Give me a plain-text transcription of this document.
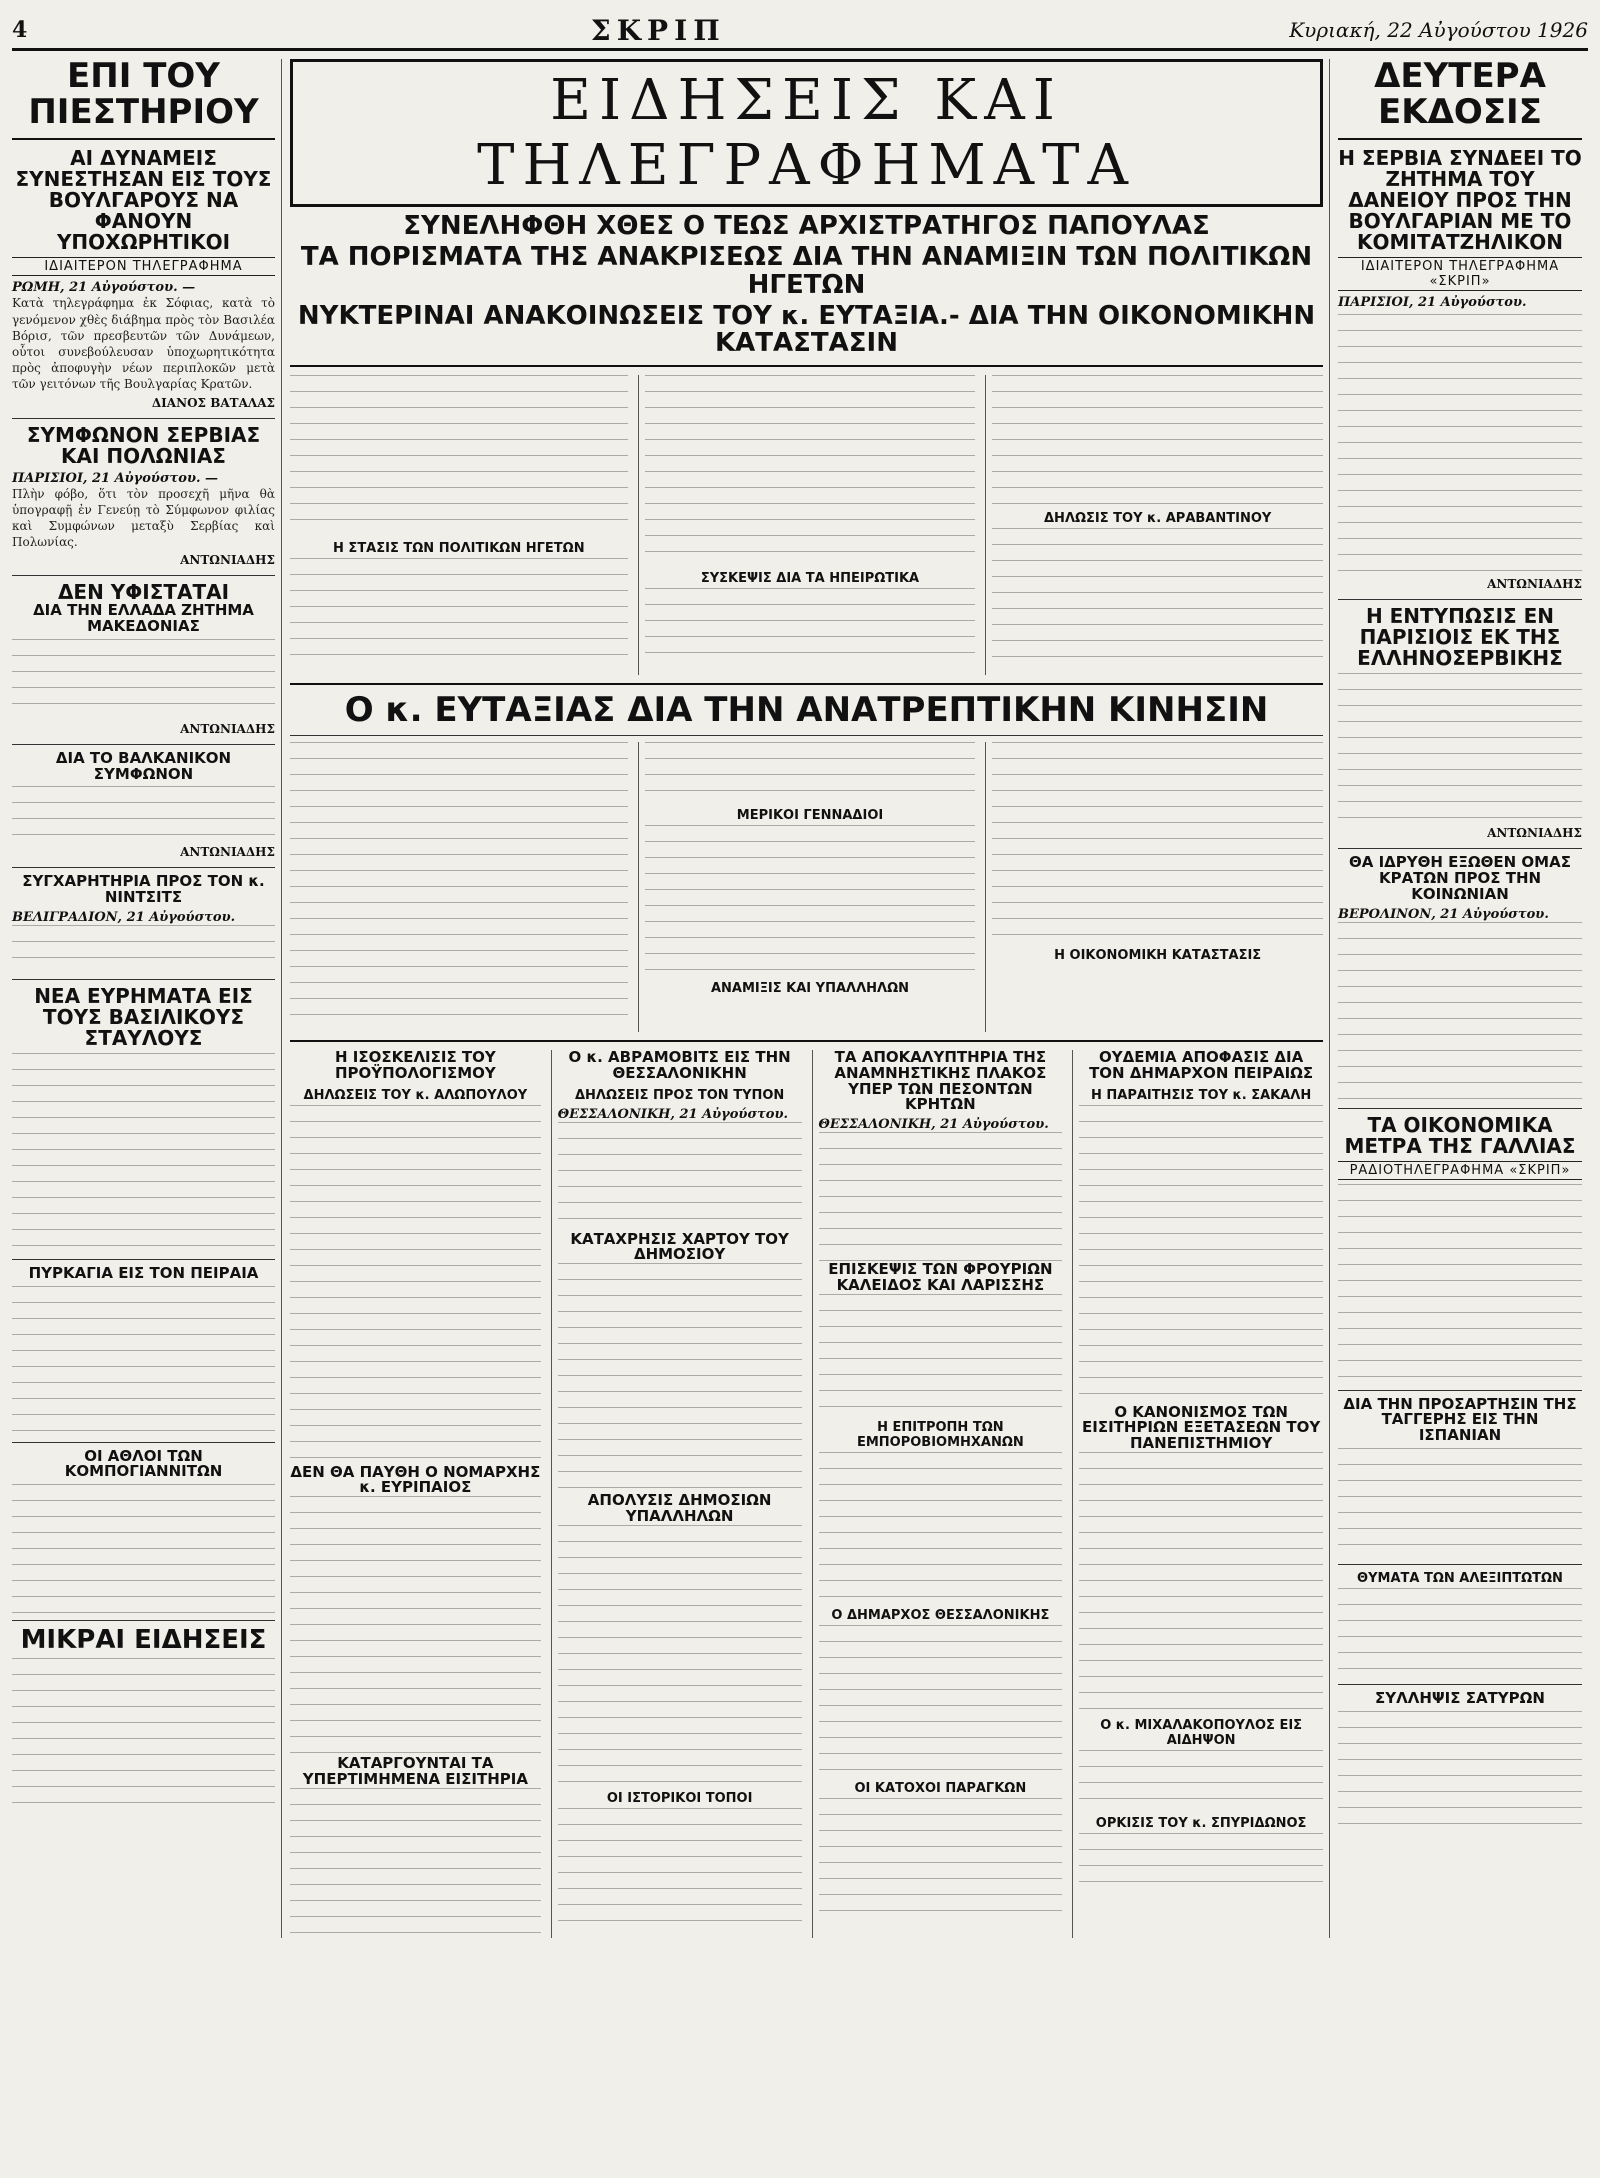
4	ΣΚΡΙΠ	Κυριακή, 22 Αὐγούστου 1926
ΕΠΙ ΤΟΥ ΠΙΕΣΤΗΡΙΟΥ
ΑΙ ΔΥΝΑΜΕΙΣ ΣΥΝΕΣΤΗΣΑΝ ΕΙΣ ΤΟΥΣ ΒΟΥΛΓΑΡΟΥΣ ΝΑ ΦΑΝΟΥΝ ΥΠΟΧΩΡΗΤΙΚΟΙ
ΙΔΙΑΙΤΕΡΟΝ ΤΗΛΕΓΡΑΦΗΜΑ
ΡΩΜΗ, 21 Αὐγούστου. —
Κατὰ τηλεγράφημα ἐκ Σόφιας, κατὰ τὸ γενόμενον χθὲς διάβημα πρὸς τὸν Βασιλέα Βόρισ, τῶν πρεσβευτῶν τῶν Δυνάμεων, οὗτοι συνεβούλευσαν ὑποχωρητικότητα πρὸς ἀποφυγὴν νέων περιπλοκῶν μετὰ τῶν γειτόνων τῆς Βουλγαρίας Κρατῶν.
ΔΙΑΝΟΣ ΒΑΤΑΛΑΣ
ΣΥΜΦΩΝΟΝ ΣΕΡΒΙΑΣ ΚΑΙ ΠΟΛΩΝΙΑΣ
ΠΑΡΙΣΙΟΙ, 21 Αὐγούστου. —
Πλὴν φόβο, ὅτι τὸν προσεχῆ μῆνα θὰ ὑπογραφῇ ἐν Γενεύῃ τὸ Σύμφωνον φιλίας καὶ Συμφώνων μεταξὺ Σερβίας καὶ Πολωνίας.
ΑΝΤΩΝΙΑΔΗΣ
ΔΕΝ ΥΦΙΣΤΑΤΑΙ
ΔΙΑ ΤΗΝ ΕΛΛΑΔΑ ΖΗΤΗΜΑ ΜΑΚΕΔΟΝΙΑΣ
ΑΝΤΩΝΙΑΔΗΣ
ΔΙΑ ΤΟ ΒΑΛΚΑΝΙΚΟΝ ΣΥΜΦΩΝΟΝ
ΑΝΤΩΝΙΑΔΗΣ
ΣΥΓΧΑΡΗΤΗΡΙΑ ΠΡΟΣ ΤΟΝ κ. ΝΙΝΤΣΙΤΣ
ΒΕΛΙΓΡΑΔΙΟΝ, 21 Αὐγούστου.
ΝΕΑ ΕΥΡΗΜΑΤΑ ΕΙΣ ΤΟΥΣ ΒΑΣΙΛΙΚΟΥΣ ΣΤΑΥΛΟΥΣ
ΠΥΡΚΑΓΙΑ ΕΙΣ ΤΟΝ ΠΕΙΡΑΙΑ
ΟΙ ΑΘΛΟΙ ΤΩΝ ΚΟΜΠΟΓΙΑΝΝΙΤΩΝ
ΜΙΚΡΑΙ ΕΙΔΗΣΕΙΣ
ΕΙΔΗΣΕΙΣ ΚΑΙ ΤΗΛΕΓΡΑΦΗΜΑΤΑ
ΣΥΝΕΛΗΦΘΗ ΧΘΕΣ Ο ΤΕΩΣ ΑΡΧΙΣΤΡΑΤΗΓΟΣ ΠΑΠΟΥΛΑΣ
ΤΑ ΠΟΡΙΣΜΑΤΑ ΤΗΣ ΑΝΑΚΡΙΣΕΩΣ ΔΙΑ ΤΗΝ ΑΝΑΜΙΞΙΝ ΤΩΝ ΠΟΛΙΤΙΚΩΝ ΗΓΕΤΩΝ
ΝΥΚΤΕΡΙΝΑΙ ΑΝΑΚΟΙΝΩΣΕΙΣ ΤΟΥ κ. ΕΥΤΑΞΙΑ.- ΔΙΑ ΤΗΝ ΟΙΚΟΝΟΜΙΚΗΝ ΚΑΤΑΣΤΑΣΙΝ
Η ΣΤΑΣΙΣ ΤΩΝ ΠΟΛΙΤΙΚΩΝ ΗΓΕΤΩΝ
ΣΥΣΚΕΨΙΣ ΔΙΑ ΤΑ ΗΠΕΙΡΩΤΙΚΑ
ΔΗΛΩΣΙΣ ΤΟΥ κ. ΑΡΑΒΑΝΤΙΝΟΥ
Ο κ. ΕΥΤΑΞΙΑΣ ΔΙΑ ΤΗΝ ΑΝΑΤΡΕΠΤΙΚΗΝ ΚΙΝΗΣΙΝ
ΜΕΡΙΚΟΙ ΓΕΝΝΑΔΙΟΙ
ΑΝΑΜΙΞΙΣ ΚΑΙ ΥΠΑΛΛΗΛΩΝ
Η ΟΙΚΟΝΟΜΙΚΗ ΚΑΤΑΣΤΑΣΙΣ
Η ΙΣΟΣΚΕΛΙΣΙΣ ΤΟΥ ΠΡΟΫΠΟΛΟΓΙΣΜΟΥ
ΔΗΛΩΣΕΙΣ ΤΟΥ κ. ΑΛΩΠΟΥΛΟΥ
ΔΕΝ ΘΑ ΠΑΥΘΗ Ο ΝΟΜΑΡΧΗΣ κ. ΕΥΡΙΠΑΙΟΣ
ΚΑΤΑΡΓΟΥΝΤΑΙ ΤΑ ΥΠΕΡΤΙΜΗΜΕΝΑ ΕΙΣΙΤΗΡΙΑ
Ο κ. ΑΒΡΑΜΟΒΙΤΣ ΕΙΣ ΤΗΝ ΘΕΣΣΑΛΟΝΙΚΗΝ
ΔΗΛΩΣΕΙΣ ΠΡΟΣ ΤΟΝ ΤΥΠΟΝ
ΘΕΣΣΑΛΟΝΙΚΗ, 21 Αὐγούστου.
ΚΑΤΑΧΡΗΣΙΣ ΧΑΡΤΟΥ ΤΟΥ ΔΗΜΟΣΙΟΥ
ΑΠΟΛΥΣΙΣ ΔΗΜΟΣΙΩΝ ΥΠΑΛΛΗΛΩΝ
ΟΙ ΙΣΤΟΡΙΚΟΙ ΤΟΠΟΙ
ΤΑ ΑΠΟΚΑΛΥΠΤΗΡΙΑ ΤΗΣ ΑΝΑΜΝΗΣΤΙΚΗΣ ΠΛΑΚΟΣ ΥΠΕΡ ΤΩΝ ΠΕΣΟΝΤΩΝ ΚΡΗΤΩΝ
ΘΕΣΣΑΛΟΝΙΚΗ, 21 Αὐγούστου.
ΕΠΙΣΚΕΨΙΣ ΤΩΝ ΦΡΟΥΡΙΩΝ ΚΑΛΕΙΔΟΣ ΚΑΙ ΛΑΡΙΣΣΗΣ
Η ΕΠΙΤΡΟΠΗ ΤΩΝ ΕΜΠΟΡΟΒΙΟΜΗΧΑΝΩΝ
Ο ΔΗΜΑΡΧΟΣ ΘΕΣΣΑΛΟΝΙΚΗΣ
ΟΙ ΚΑΤΟΧΟΙ ΠΑΡΑΓΚΩΝ
ΟΥΔΕΜΙΑ ΑΠΟΦΑΣΙΣ ΔΙΑ ΤΟΝ ΔΗΜΑΡΧΟΝ ΠΕΙΡΑΙΩΣ
Η ΠΑΡΑΙΤΗΣΙΣ ΤΟΥ κ. ΣΑΚΑΛΗ
Ο ΚΑΝΟΝΙΣΜΟΣ ΤΩΝ ΕΙΣΙΤΗΡΙΩΝ ΕΞΕΤΑΣΕΩΝ ΤΟΥ ΠΑΝΕΠΙΣΤΗΜΙΟΥ
Ο κ. ΜΙΧΑΛΑΚΟΠΟΥΛΟΣ ΕΙΣ ΑΙΔΗΨΟΝ
ΟΡΚΙΣΙΣ ΤΟΥ κ. ΣΠΥΡΙΔΩΝΟΣ
ΔΕΥΤΕΡΑ ΕΚΔΟΣΙΣ
Η ΣΕΡΒΙΑ ΣΥΝΔΕΕΙ ΤΟ ΖΗΤΗΜΑ ΤΟΥ ΔΑΝΕΙΟΥ ΠΡΟΣ ΤΗΝ ΒΟΥΛΓΑΡΙΑΝ ΜΕ ΤΟ ΚΟΜΙΤΑΤΖΗΛΙΚΟΝ
ΙΔΙΑΙΤΕΡΟΝ ΤΗΛΕΓΡΑΦΗΜΑ «ΣΚΡΙΠ»
ΠΑΡΙΣΙΟΙ, 21 Αὐγούστου.
ΑΝΤΩΝΙΑΔΗΣ
Η ΕΝΤΥΠΩΣΙΣ ΕΝ ΠΑΡΙΣΙΟΙΣ ΕΚ ΤΗΣ ΕΛΛΗΝΟΣΕΡΒΙΚΗΣ
ΑΝΤΩΝΙΑΔΗΣ
ΘΑ ΙΔΡΥΘΗ ΕΞΩΘΕΝ ΟΜΑΣ ΚΡΑΤΩΝ ΠΡΟΣ ΤΗΝ ΚΟΙΝΩΝΙΑΝ
ΒΕΡΟΛΙΝΟΝ, 21 Αὐγούστου.
ΤΑ ΟΙΚΟΝΟΜΙΚΑ ΜΕΤΡΑ ΤΗΣ ΓΑΛΛΙΑΣ
ΡΑΔΙΟΤΗΛΕΓΡΑΦΗΜΑ «ΣΚΡΙΠ»
ΔΙΑ ΤΗΝ ΠΡΟΣΑΡΤΗΣΙΝ ΤΗΣ ΤΑΓΓΕΡΗΣ ΕΙΣ ΤΗΝ ΙΣΠΑΝΙΑΝ
ΘΥΜΑΤΑ ΤΩΝ ΑΛΕΞΙΠΤΩΤΩΝ
ΣΥΛΛΗΨΙΣ ΣΑΤΥΡΩΝ
